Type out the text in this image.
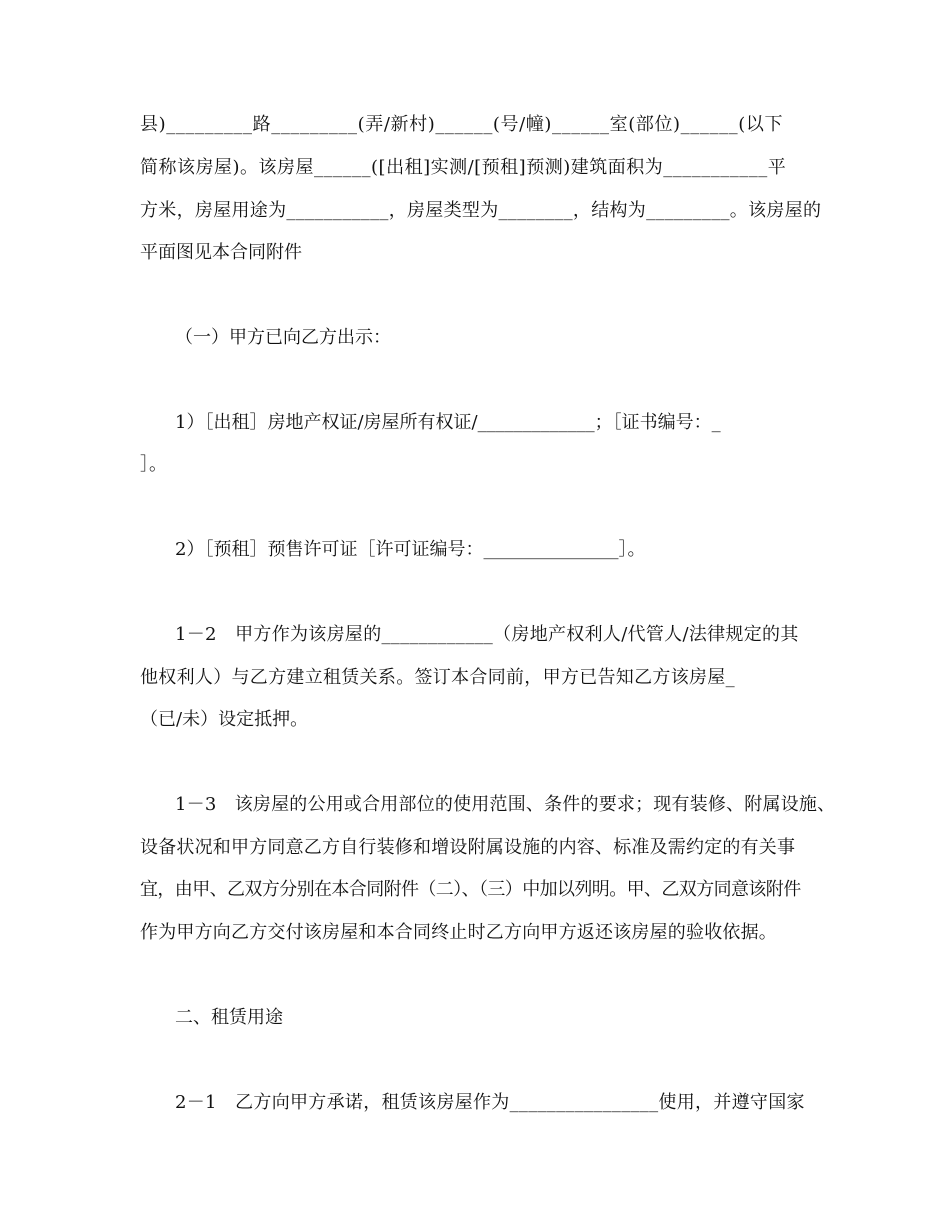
县)_________路_________(弄/新村)______(号/幢)______室(部位)______(以下

简称该房屋)。该房屋______([出租]实测/[预租]预测)建筑面积为___________平

方米，房屋用途为___________，房屋类型为________，结构为_________。该房屋的

平面图见本合同附件

（一）甲方已向乙方出示：

1）［出租］房地产权证/房屋所有权证/_____________；［证书编号：_

］。

2）［预租］预售许可证［许可证编号：_______________］。

1－2　甲方作为该房屋的____________（房地产权利人/代管人/法律规定的其

他权利人）与乙方建立租赁关系。签订本合同前，甲方已告知乙方该房屋_

（已/未）设定抵押。

1－3　该房屋的公用或合用部位的使用范围、条件的要求；现有装修、附属设施、

设备状况和甲方同意乙方自行装修和增设附属设施的内容、标准及需约定的有关事

宜，由甲、乙双方分别在本合同附件（二）、（三）中加以列明。甲、乙双方同意该附件

作为甲方向乙方交付该房屋和本合同终止时乙方向甲方返还该房屋的验收依据。

二、租赁用途

2－1　乙方向甲方承诺，租赁该房屋作为________________使用，并遵守国家
